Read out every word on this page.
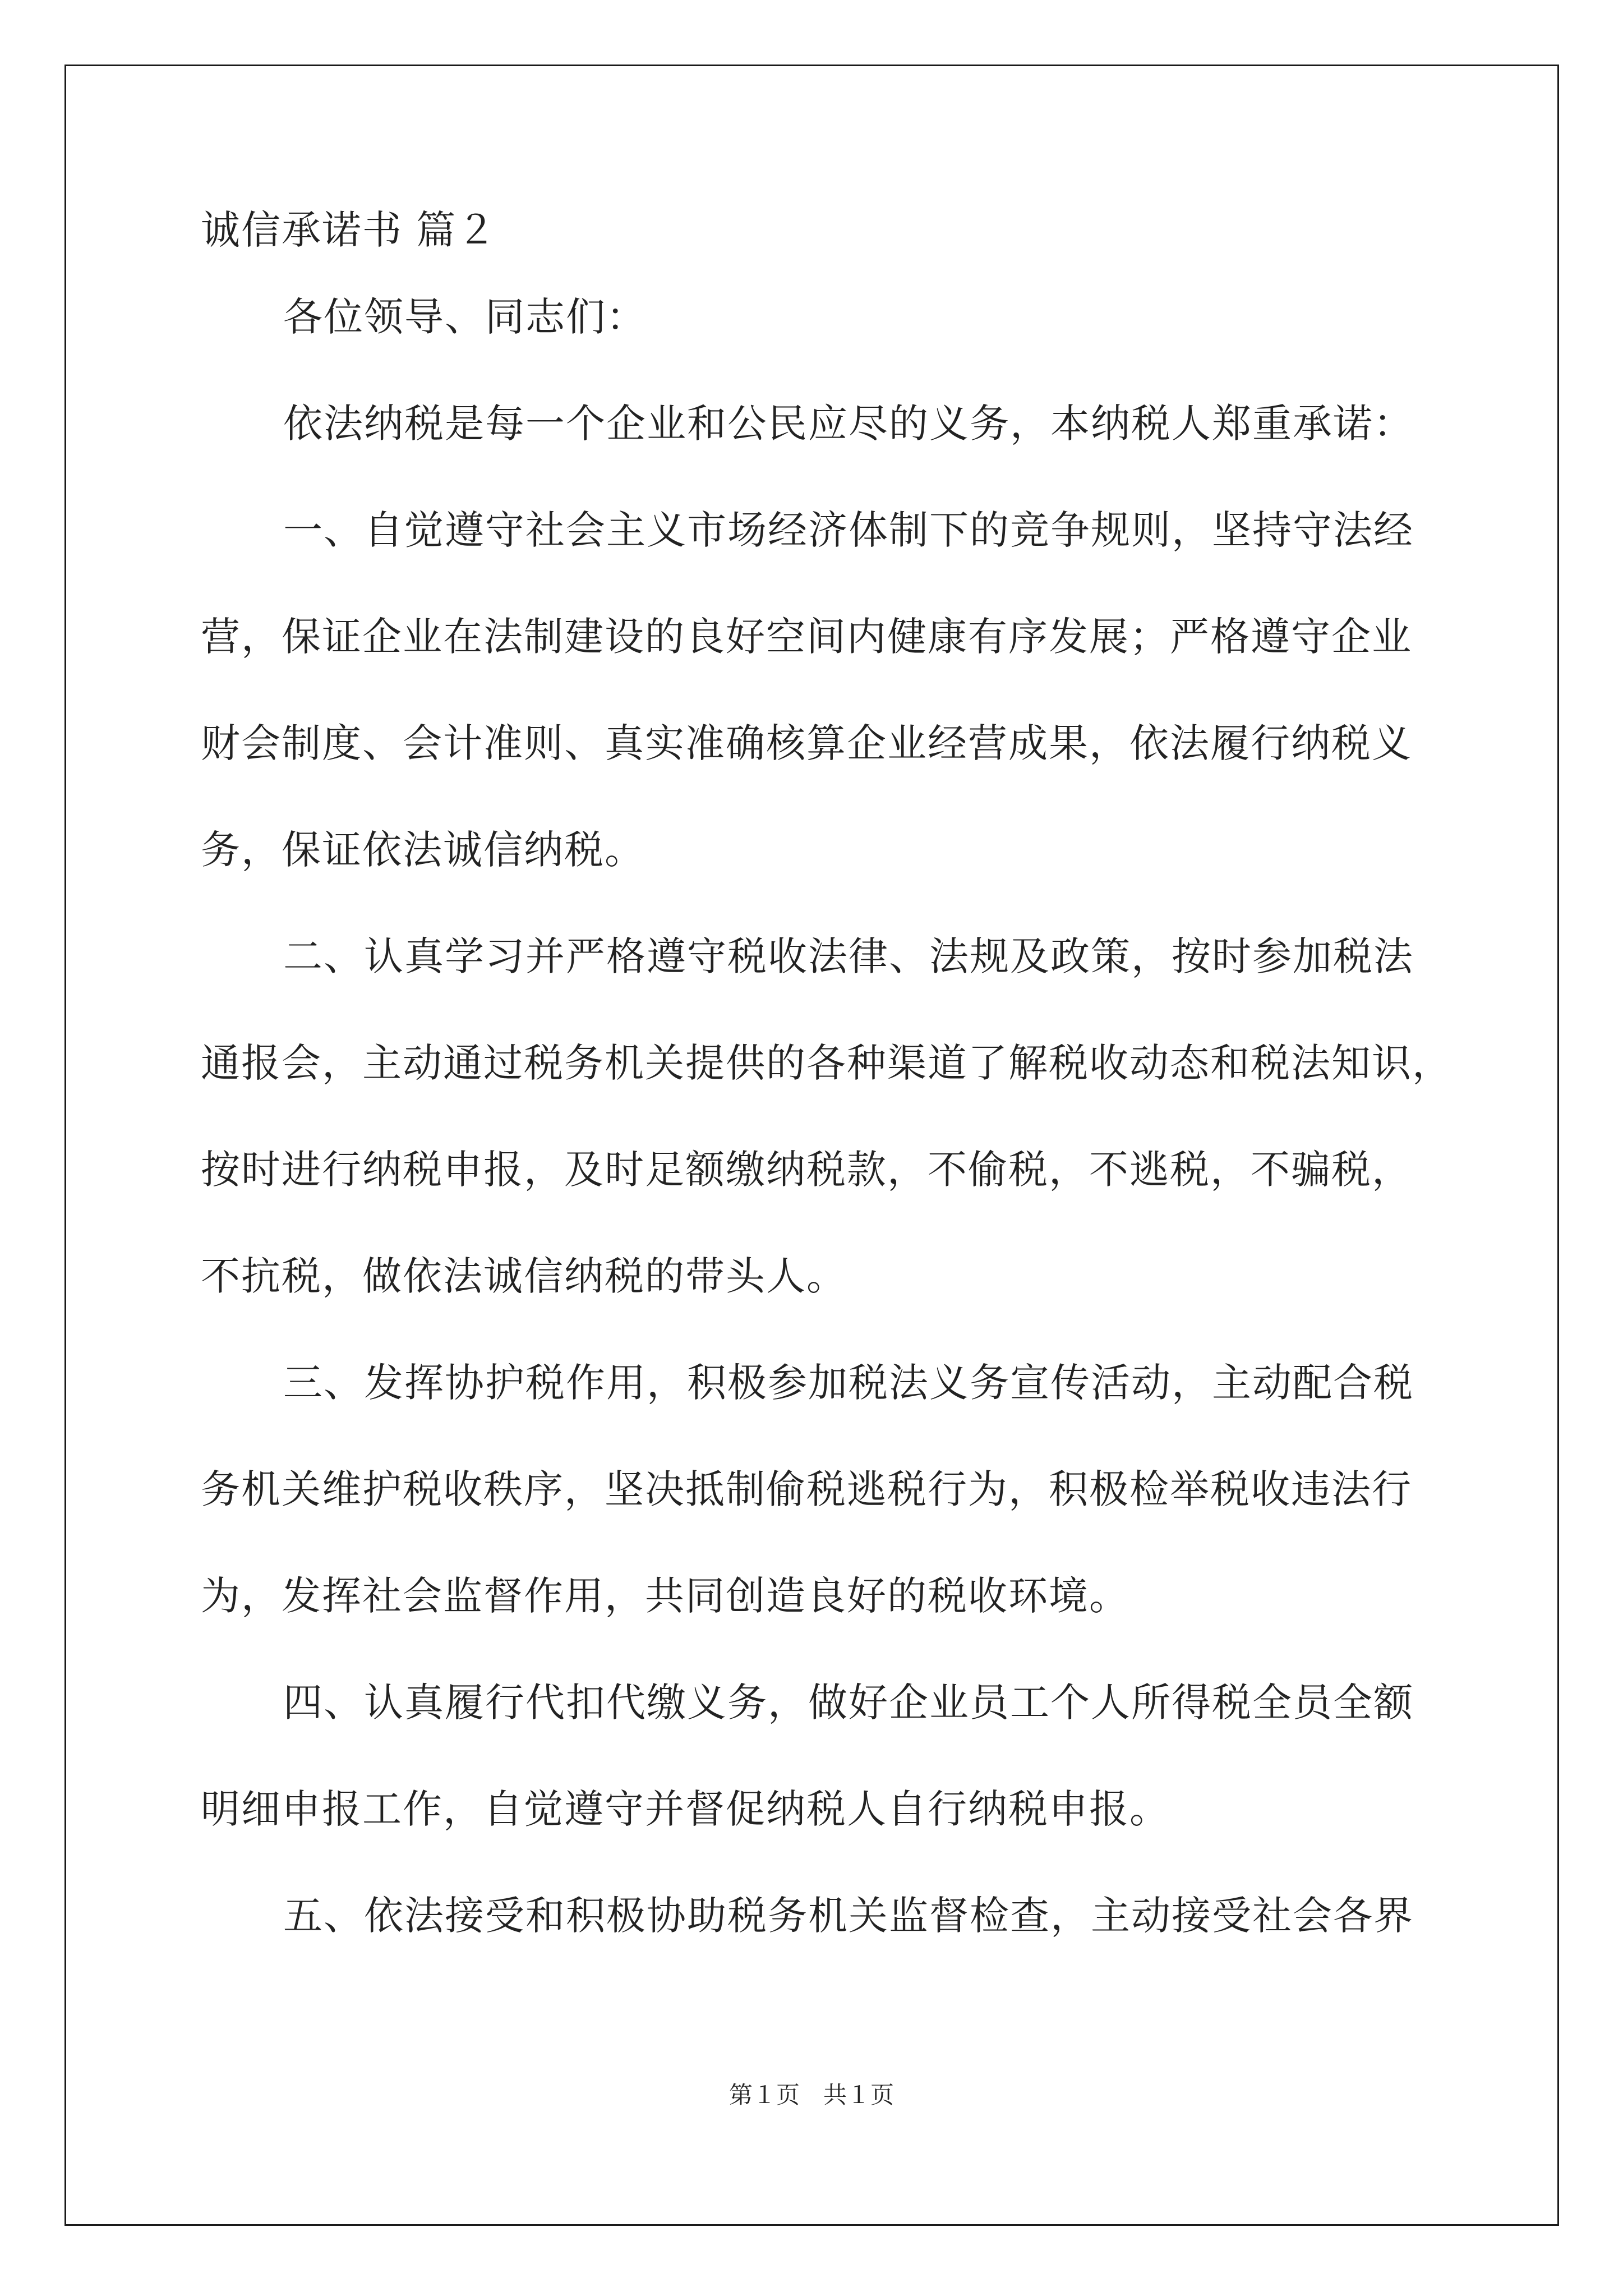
诚信承诺书 篇２
各位领导、同志们：
依法纳税是每一个企业和公民应尽的义务，本纳税人郑重承诺：
一、自觉遵守社会主义市场经济体制下的竞争规则，坚持守法经
营，保证企业在法制建设的良好空间内健康有序发展；严格遵守企业
财会制度、会计准则、真实准确核算企业经营成果，依法履行纳税义
务，保证依法诚信纳税。
二、认真学习并严格遵守税收法律、法规及政策，按时参加税法
通报会，主动通过税务机关提供的各种渠道了解税收动态和税法知识，
按时进行纳税申报，及时足额缴纳税款，不偷税，不逃税，不骗税，
不抗税，做依法诚信纳税的带头人。
三、发挥协护税作用，积极参加税法义务宣传活动，主动配合税
务机关维护税收秩序，坚决抵制偷税逃税行为，积极检举税收违法行
为，发挥社会监督作用，共同创造良好的税收环境。
四、认真履行代扣代缴义务，做好企业员工个人所得税全员全额
明细申报工作，自觉遵守并督促纳税人自行纳税申报。
五、依法接受和积极协助税务机关监督检查，主动接受社会各界
第１页　共１页
